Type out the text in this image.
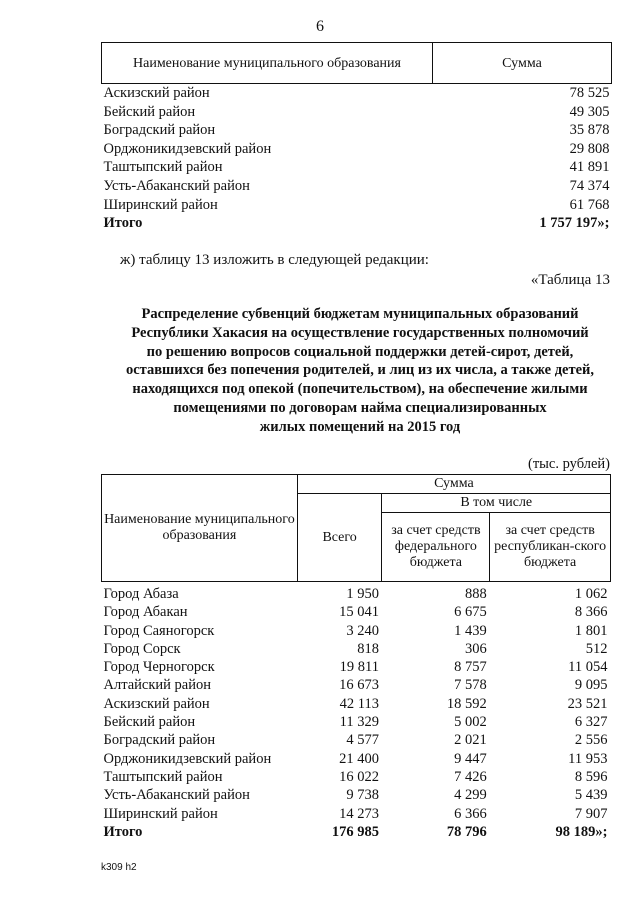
6
Наименование муниципального образования	Сумма
Аскизский район	78 525
Бейский район	49 305
Боградский район	35 878
Орджоникидзевский район	29 808
Таштыпский район	41 891
Усть-Абаканский район	74 374
Ширинский район	61 768
Итого	1 757 197»;
ж) таблицу 13 изложить в следующей редакции:
«Таблица 13
Распределение субвенций бюджетам муниципальных образований
Республики Хакасия на осуществление государственных полномочий
по решению вопросов социальной поддержки детей-сирот, детей,
оставшихся без попечения родителей, и лиц из их числа, а также детей,
находящихся под опекой (попечительством), на обеспечение жилыми
помещениями по договорам найма специализированных
жилых помещений на 2015 год
(тыс. рублей)
Наименование муниципального образования	Сумма		
	Всего	В том числе	
		за счет средств федерального бюджета	за счет средств республикан-ского бюджета
Город Абаза	1 950	888	1 062
Город Абакан	15 041	6 675	8 366
Город Саяногорск	3 240	1 439	1 801
Город Сорск	818	306	512
Город Черногорск	19 811	8 757	11 054
Алтайский район	16 673	7 578	9 095
Аскизский район	42 113	18 592	23 521
Бейский район	11 329	5 002	6 327
Боградский район	4 577	2 021	2 556
Орджоникидзевский район	21 400	9 447	11 953
Таштыпский район	16 022	7 426	8 596
Усть-Абаканский район	9 738	4 299	5 439
Ширинский район	14 273	6 366	7 907
Итого	176 985	78 796	98 189»;
k309 h2
